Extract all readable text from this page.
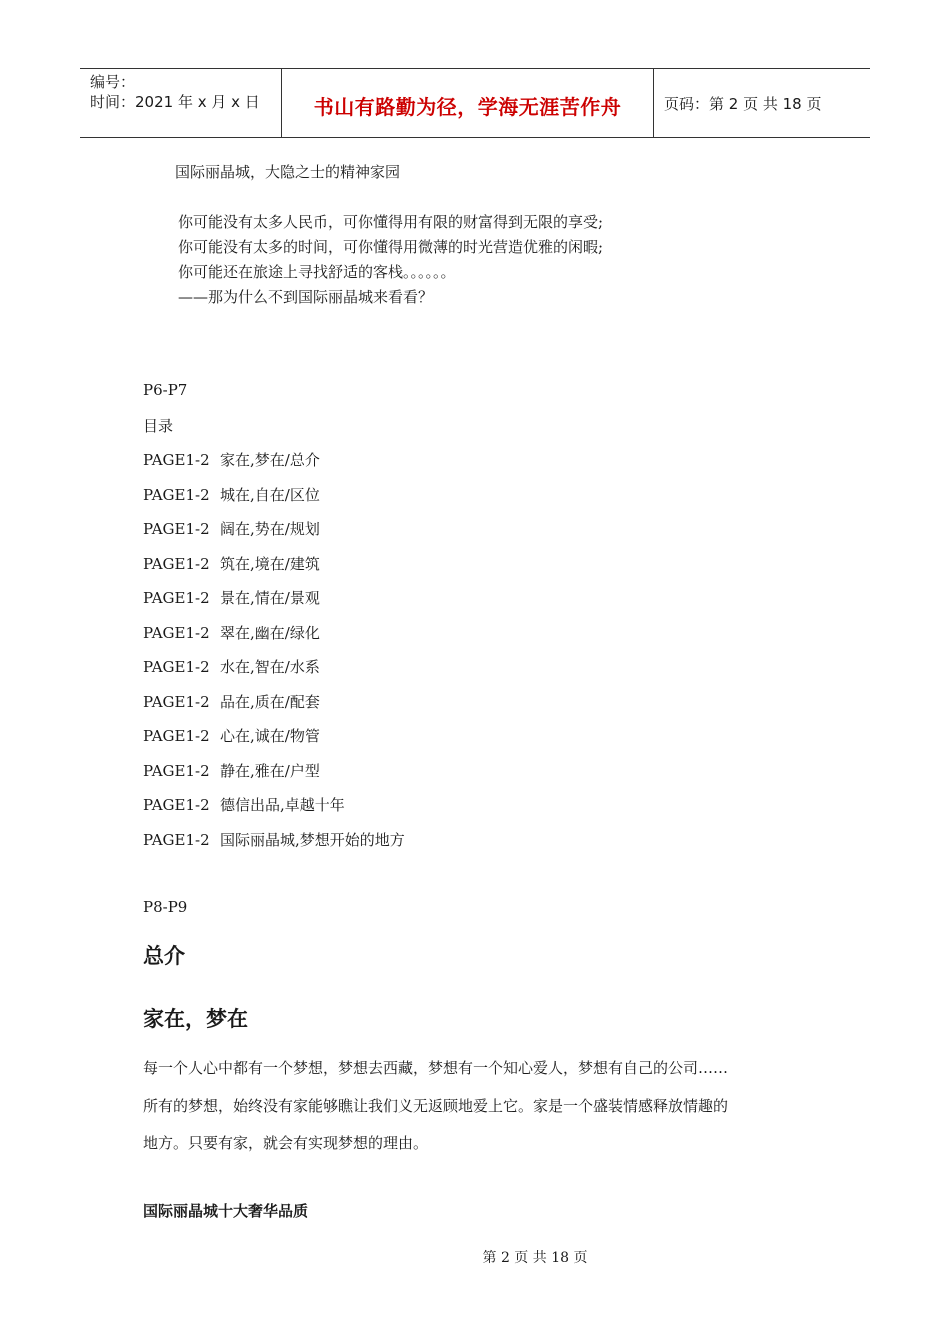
编号：
时间：2021 年 x 月 x 日	书山有路勤为径，学海无涯苦作舟	页码：第 2 页 共 18 页
国际丽晶城，大隐之士的精神家园
你可能没有太多人民币，可你懂得用有限的财富得到无限的享受;
你可能没有太多的时间，可你懂得用微薄的时光营造优雅的闲暇;
你可能还在旅途上寻找舒适的客栈。。。。。。
——那为什么不到国际丽晶城来看看？
P6-P7
目录
PAGE1-2 家在,梦在/总介
PAGE1-2 城在,自在/区位
PAGE1-2 阔在,势在/规划
PAGE1-2 筑在,境在/建筑
PAGE1-2 景在,情在/景观
PAGE1-2 翠在,幽在/绿化
PAGE1-2 水在,智在/水系
PAGE1-2 品在,质在/配套
PAGE1-2 心在,诚在/物管
PAGE1-2 静在,雅在/户型
PAGE1-2 德信出品,卓越十年
PAGE1-2 国际丽晶城,梦想开始的地方
P8-P9
总介
家在，梦在
每一个人心中都有一个梦想，梦想去西藏，梦想有一个知心爱人，梦想有自己的公司……
所有的梦想，始终没有家能够瞧让我们义无返顾地爱上它。家是一个盛装情感释放情趣的
地方。只要有家，就会有实现梦想的理由。
国际丽晶城十大奢华品质
第 2 页 共 18 页
